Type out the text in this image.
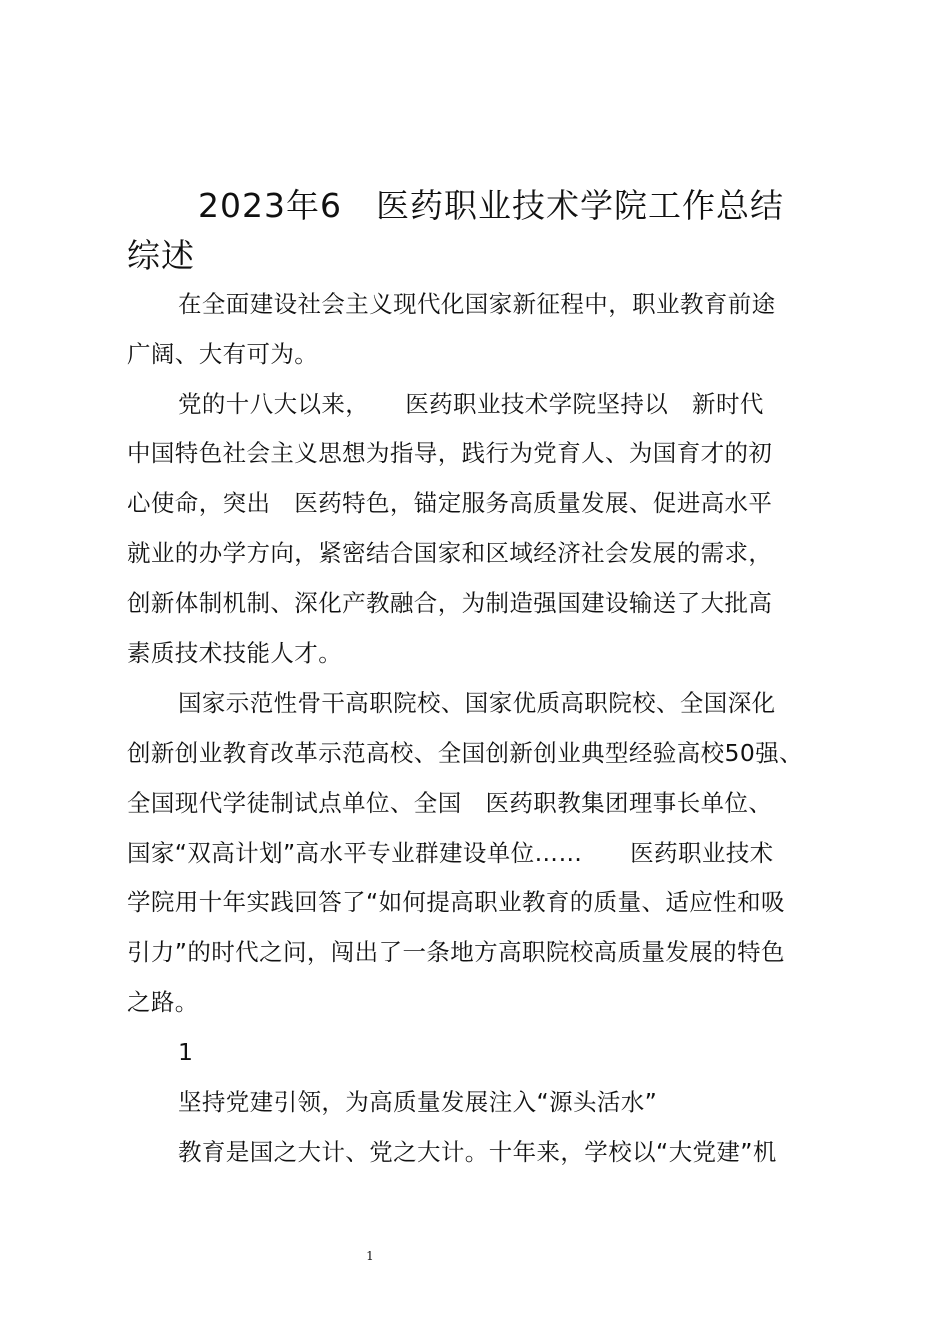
2023年6　医药职业技术学院工作总结
综述
在全面建设社会主义现代化国家新征程中，职业教育前途
广阔、大有可为。
党的十八大以来，　　医药职业技术学院坚持以　新时代
中国特色社会主义思想为指导，践行为党育人、为国育才的初
心使命，突出　医药特色，锚定服务高质量发展、促进高水平
就业的办学方向，紧密结合国家和区域经济社会发展的需求，
创新体制机制、深化产教融合，为制造强国建设输送了大批高
素质技术技能人才。
国家示范性骨干高职院校、国家优质高职院校、全国深化
创新创业教育改革示范高校、全国创新创业典型经验高校50强、
全国现代学徒制试点单位、全国　医药职教集团理事长单位、
国家“双高计划”高水平专业群建设单位……　　医药职业技术
学院用十年实践回答了“如何提高职业教育的质量、适应性和吸
引力”的时代之问，闯出了一条地方高职院校高质量发展的特色
之路。
1
坚持党建引领，为高质量发展注入“源头活水”
教育是国之大计、党之大计。十年来，学校以“大党建”机
1
